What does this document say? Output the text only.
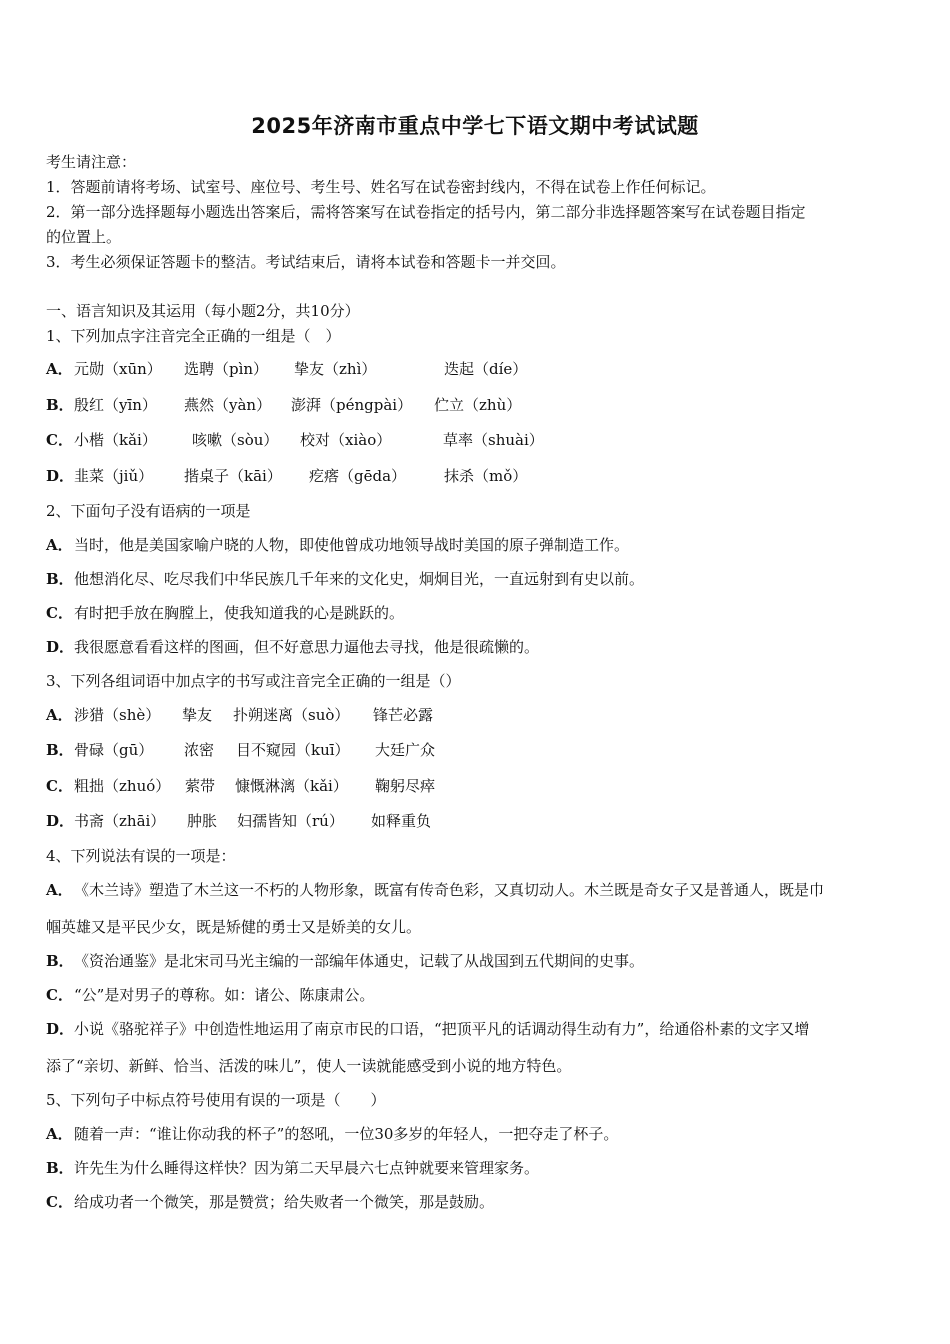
2025年济南市重点中学七下语文期中考试试题
考生请注意：
1．答题前请将考场、试室号、座位号、考生号、姓名写在试卷密封线内，不得在试卷上作任何标记。
2．第一部分选择题每小题选出答案后，需将答案写在试卷指定的括号内，第二部分非选择题答案写在试卷题目指定
的位置上。
3．考生必须保证答题卡的整洁。考试结束后，请将本试卷和答题卡一并交回。
一、语言知识及其运用（每小题2分，共10分）
1、下列加点字注音完全正确的一组是（　）
A．元勋（xūn） 选聘（pìn） 挚友（zhì）	迭起（díe）
B．殷红（yīn） 燕然（yàn） 澎湃（péngpài） 伫立（zhù）
C．小楷（kǎi） 咳嗽（sòu） 校对（xiào）	草率（shuài）
D．韭菜（jiǔ） 揩桌子（kāi） 疙瘩（gēda）	抹杀（mǒ）
2、下面句子没有语病的一项是
A．当时，他是美国家喻户晓的人物，即使他曾成功地领导战时美国的原子弹制造工作。
B．他想消化尽、吃尽我们中华民族几千年来的文化史，炯炯目光，一直远射到有史以前。
C．有时把手放在胸膛上，使我知道我的心是跳跃的。
D．我很愿意看看这样的图画，但不好意思力逼他去寻找，他是很疏懒的。
3、下列各组词语中加点字的书写或注音完全正确的一组是（）
A．涉猎（shè） 挚友 扑朔迷离（suò） 锋芒必露
B．骨碌（gū） 浓密 目不窥园（kuī） 大廷广众
C．粗拙（zhuó） 萦带 慷慨淋漓（kǎi） 鞠躬尽瘁
D．书斋（zhāi） 肿胀 妇孺皆知（rú） 如释重负
4、下列说法有误的一项是：
A．《木兰诗》塑造了木兰这一不朽的人物形象，既富有传奇色彩，又真切动人。木兰既是奇女子又是普通人，既是巾
帼英雄又是平民少女，既是矫健的勇士又是娇美的女儿。
B．《资治通鉴》是北宋司马光主编的一部编年体通史，记载了从战国到五代期间的史事。
C．“公”是对男子的尊称。如：诸公、陈康肃公。
D．小说《骆驼祥子》中创造性地运用了南京市民的口语，“把顶平凡的话调动得生动有力”，给通俗朴素的文字又增
添了“亲切、新鲜、恰当、活泼的味儿”，使人一读就能感受到小说的地方特色。
5、下列句子中标点符号使用有误的一项是（　　）
A．随着一声：“谁让你动我的杯子”的怒吼，一位30多岁的年轻人，一把夺走了杯子。
B．许先生为什么睡得这样快？因为第二天早晨六七点钟就要来管理家务。
C．给成功者一个微笑，那是赞赏；给失败者一个微笑，那是鼓励。
